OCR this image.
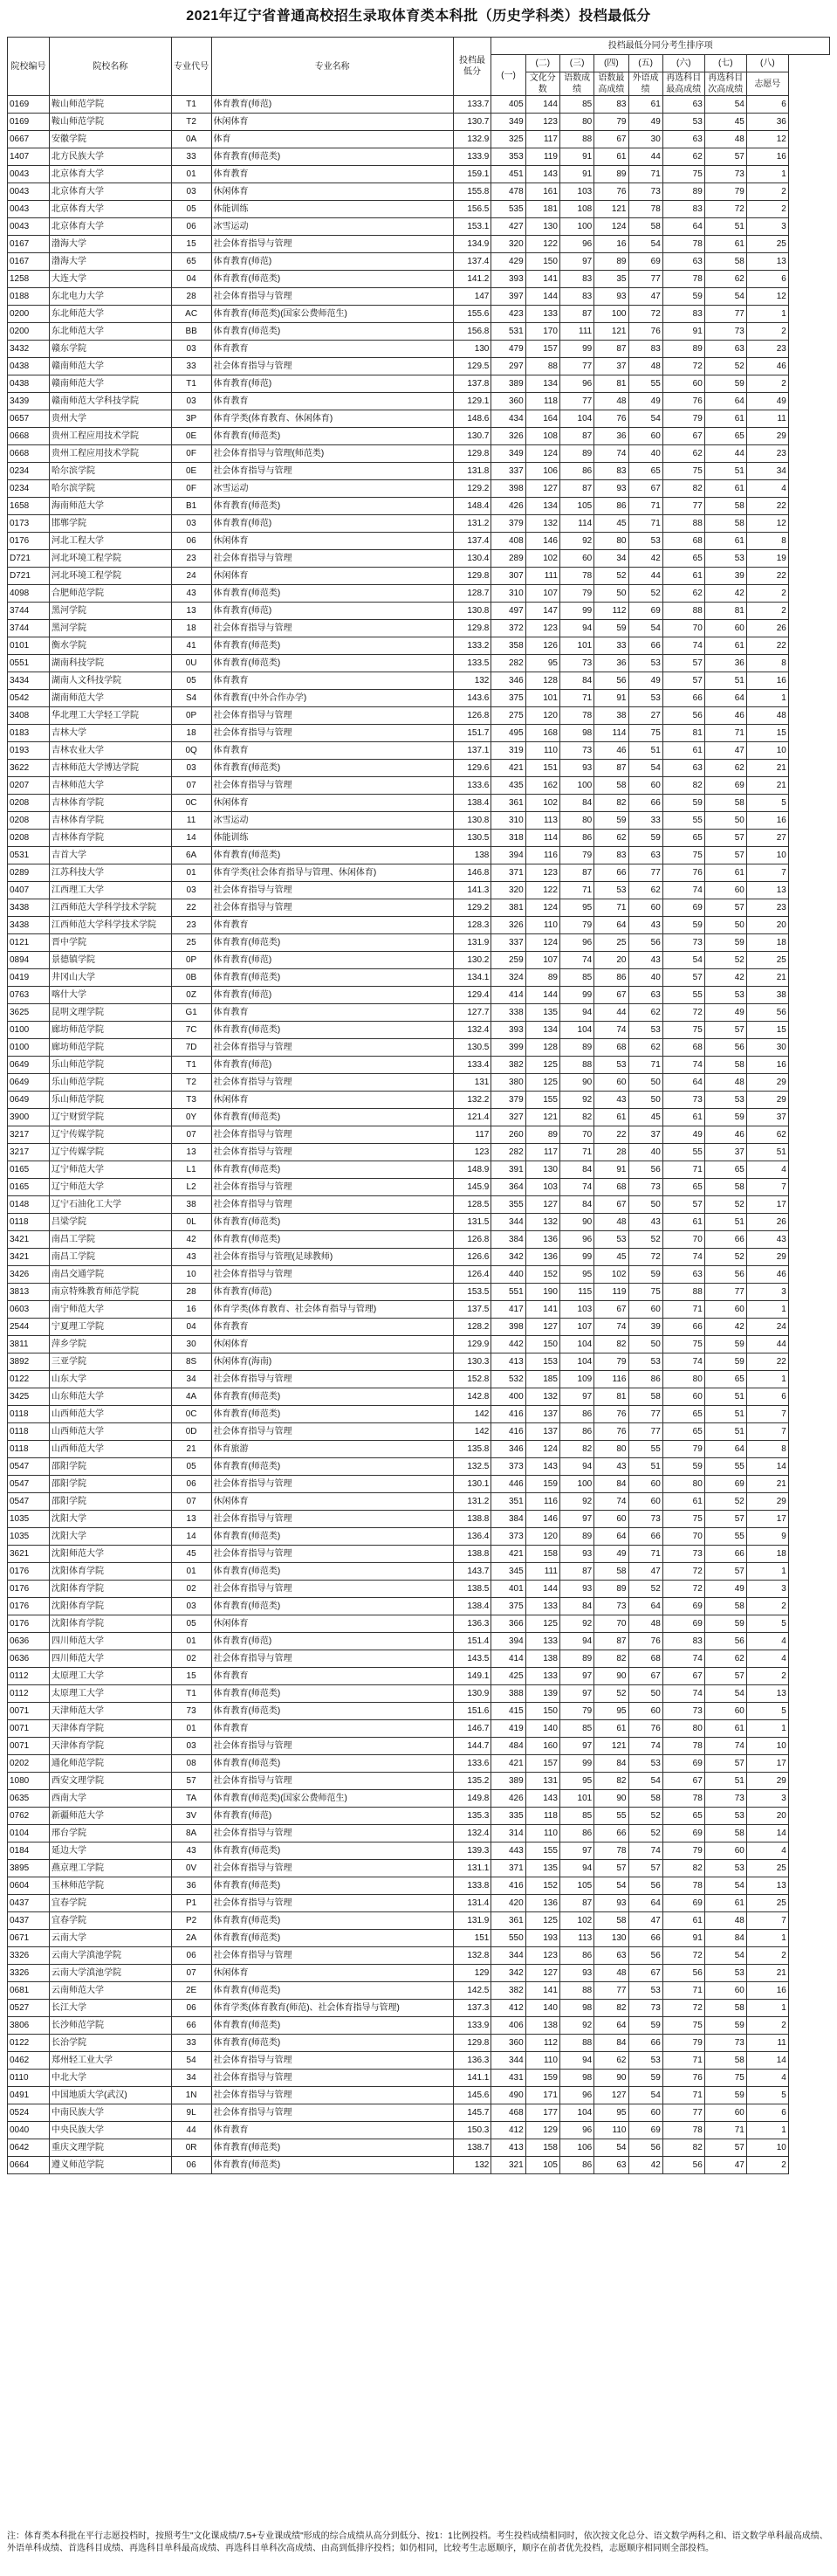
2021年辽宁省普通高校招生录取体育类本科批（历史学科类）投档最低分
院校编号	院校名称	专业代号	专业名称	投档最低分	投档最低分同分考生排序项							
					(一)	(二)	(三)	(四)	(五)	(六)	(七)	(八)
						文化分数	语数成绩	语数最高成绩	外语成绩	再选科目最高成绩	再选科目次高成绩	志愿号
0169	鞍山师范学院	T1	体育教育(师范)	133.7	405	144	85	83	61	63	54	6
0169	鞍山师范学院	T2	休闲体育	130.7	349	123	80	79	49	53	45	36
0667	安徽学院	0A	体育	132.9	325	117	88	67	30	63	48	12
1407	北方民族大学	33	体育教育(师范类)	133.9	353	119	91	61	44	62	57	16
0043	北京体育大学	01	体育教育	159.1	451	143	91	89	71	75	73	1
0043	北京体育大学	03	休闲体育	155.8	478	161	103	76	73	89	79	2
0043	北京体育大学	05	体能训练	156.5	535	181	108	121	78	83	72	2
0043	北京体育大学	06	冰雪运动	153.1	427	130	100	124	58	64	51	3
0167	渤海大学	15	社会体育指导与管理	134.9	320	122	96	16	54	78	61	25
0167	渤海大学	65	体育教育(师范)	137.4	429	150	97	89	69	63	58	13
1258	大连大学	04	体育教育(师范类)	141.2	393	141	83	35	77	78	62	6
0188	东北电力大学	28	社会体育指导与管理	147	397	144	83	93	47	59	54	12
0200	东北师范大学	AC	体育教育(师范类)(国家公费师范生)	155.6	423	133	87	100	72	83	77	1
0200	东北师范大学	BB	体育教育(师范类)	156.8	531	170	111	121	76	91	73	2
3432	赣东学院	03	体育教育	130	479	157	99	87	83	89	63	23
0438	赣南师范大学	33	社会体育指导与管理	129.5	297	88	77	37	48	72	52	46
0438	赣南师范大学	T1	体育教育(师范)	137.8	389	134	96	81	55	60	59	2
3439	赣南师范大学科技学院	03	体育教育	129.1	360	118	77	48	49	76	64	49
0657	贵州大学	3P	体育学类(体育教育、休闲体育)	148.6	434	164	104	76	54	79	61	11
0668	贵州工程应用技术学院	0E	体育教育(师范类)	130.7	326	108	87	36	60	67	65	29
0668	贵州工程应用技术学院	0F	社会体育指导与管理(师范类)	129.8	349	124	89	74	40	62	44	23
0234	哈尔滨学院	0E	社会体育指导与管理	131.8	337	106	86	83	65	75	51	34
0234	哈尔滨学院	0F	冰雪运动	129.2	398	127	87	93	67	82	61	4
1658	海南师范大学	B1	体育教育(师范类)	148.4	426	134	105	86	71	77	58	22
0173	邯郸学院	03	体育教育(师范)	131.2	379	132	114	45	71	88	58	12
0176	河北工程大学	06	休闲体育	137.4	408	146	92	80	53	68	61	8
D721	河北环境工程学院	23	社会体育指导与管理	130.4	289	102	60	34	42	65	53	19
D721	河北环境工程学院	24	休闲体育	129.8	307	111	78	52	44	61	39	22
4098	合肥师范学院	43	体育教育(师范类)	128.7	310	107	79	50	52	62	42	2
3744	黑河学院	13	体育教育(师范)	130.8	497	147	99	112	69	88	81	2
3744	黑河学院	18	社会体育指导与管理	129.8	372	123	94	59	54	70	60	26
0101	衡水学院	41	体育教育(师范类)	133.2	358	126	101	33	66	74	61	22
0551	湖南科技学院	0U	体育教育(师范类)	133.5	282	95	73	36	53	57	36	8
3434	湖南人文科技学院	05	体育教育	132	346	128	84	56	49	57	51	16
0542	湖南师范大学	S4	体育教育(中外合作办学)	143.6	375	101	71	91	53	66	64	1
3408	华北理工大学轻工学院	0P	社会体育指导与管理	126.8	275	120	78	38	27	56	46	48
0183	吉林大学	18	社会体育指导与管理	151.7	495	168	98	114	75	81	71	15
0193	吉林农业大学	0Q	体育教育	137.1	319	110	73	46	51	61	47	10
3622	吉林师范大学博达学院	03	体育教育(师范类)	129.6	421	151	93	87	54	63	62	21
0207	吉林师范大学	07	社会体育指导与管理	133.6	435	162	100	58	60	82	69	21
0208	吉林体育学院	0C	休闲体育	138.4	361	102	84	82	66	59	58	5
0208	吉林体育学院	11	冰雪运动	130.8	310	113	80	59	33	55	50	16
0208	吉林体育学院	14	体能训练	130.5	318	114	86	62	59	65	57	27
0531	吉首大学	6A	体育教育(师范类)	138	394	116	79	83	63	75	57	10
0289	江苏科技大学	01	体育学类(社会体育指导与管理、休闲体育)	146.8	371	123	87	66	77	76	61	7
0407	江西理工大学	03	社会体育指导与管理	141.3	320	122	71	53	62	74	60	13
3438	江西师范大学科学技术学院	22	社会体育指导与管理	129.2	381	124	95	71	60	69	57	23
3438	江西师范大学科学技术学院	23	体育教育	128.3	326	110	79	64	43	59	50	20
0121	晋中学院	25	体育教育(师范类)	131.9	337	124	96	25	56	73	59	18
0894	景德镇学院	0P	体育教育(师范)	130.2	259	107	74	20	43	54	52	25
0419	井冈山大学	0B	体育教育(师范类)	134.1	324	89	85	86	40	57	42	21
0763	喀什大学	0Z	体育教育(师范)	129.4	414	144	99	67	63	55	53	38
3625	昆明文理学院	G1	体育教育	127.7	338	135	94	44	62	72	49	56
0100	廊坊师范学院	7C	体育教育(师范类)	132.4	393	134	104	74	53	75	57	15
0100	廊坊师范学院	7D	社会体育指导与管理	130.5	399	128	89	68	62	68	56	30
0649	乐山师范学院	T1	体育教育(师范)	133.4	382	125	88	53	71	74	58	16
0649	乐山师范学院	T2	社会体育指导与管理	131	380	125	90	60	50	64	48	29
0649	乐山师范学院	T3	休闲体育	132.2	379	155	92	43	50	73	53	29
3900	辽宁财贸学院	0Y	体育教育(师范类)	121.4	327	121	82	61	45	61	59	37
3217	辽宁传媒学院	07	社会体育指导与管理	117	260	89	70	22	37	49	46	62
3217	辽宁传媒学院	13	社会体育指导与管理	123	282	117	71	28	40	55	37	51
0165	辽宁师范大学	L1	体育教育(师范类)	148.9	391	130	84	91	56	71	65	4
0165	辽宁师范大学	L2	社会体育指导与管理	145.9	364	103	74	68	73	65	58	7
0148	辽宁石油化工大学	38	社会体育指导与管理	128.5	355	127	84	67	50	57	52	17
0118	吕梁学院	0L	体育教育(师范类)	131.5	344	132	90	48	43	61	51	26
3421	南昌工学院	42	体育教育(师范类)	126.8	384	136	96	53	52	70	66	43
3421	南昌工学院	43	社会体育指导与管理(足球教师)	126.6	342	136	99	45	72	74	52	29
3426	南昌交通学院	10	社会体育指导与管理	126.4	440	152	95	102	59	63	56	46
3813	南京特殊教育师范学院	28	体育教育(师范)	153.5	551	190	115	119	75	88	77	3
0603	南宁师范大学	16	体育学类(体育教育、社会体育指导与管理)	137.5	417	141	103	67	60	71	60	1
2544	宁夏理工学院	04	体育教育	128.2	398	127	107	74	39	66	42	24
3811	萍乡学院	30	休闲体育	129.9	442	150	104	82	50	75	59	44
3892	三亚学院	8S	休闲体育(海南)	130.3	413	153	104	79	53	74	59	22
0122	山东大学	34	社会体育指导与管理	152.8	532	185	109	116	86	80	65	1
3425	山东师范大学	4A	体育教育(师范类)	142.8	400	132	97	81	58	60	51	6
0118	山西师范大学	0C	体育教育(师范类)	142	416	137	86	76	77	65	51	7
0118	山西师范大学	0D	社会体育指导与管理	142	416	137	86	76	77	65	51	7
0118	山西师范大学	21	体育旅游	135.8	346	124	82	80	55	79	64	8
0547	邵阳学院	05	体育教育(师范类)	132.5	373	143	94	43	51	59	55	14
0547	邵阳学院	06	社会体育指导与管理	130.1	446	159	100	84	60	80	69	21
0547	邵阳学院	07	休闲体育	131.2	351	116	92	74	60	61	52	29
1035	沈阳大学	13	社会体育指导与管理	138.8	384	146	97	60	73	75	57	17
1035	沈阳大学	14	体育教育(师范类)	136.4	373	120	89	64	66	70	55	9
3621	沈阳师范大学	45	社会体育指导与管理	138.8	421	158	93	49	71	73	66	18
0176	沈阳体育学院	01	体育教育(师范类)	143.7	345	111	87	58	47	72	57	1
0176	沈阳体育学院	02	社会体育指导与管理	138.5	401	144	93	89	52	72	49	3
0176	沈阳体育学院	03	体育教育(师范类)	138.4	375	133	84	73	64	69	58	2
0176	沈阳体育学院	05	休闲体育	136.3	366	125	92	70	48	69	59	5
0636	四川师范大学	01	体育教育(师范)	151.4	394	133	94	87	76	83	56	4
0636	四川师范大学	02	社会体育指导与管理	143.5	414	138	89	82	68	74	62	4
0112	太原理工大学	15	体育教育	149.1	425	133	97	90	67	67	57	2
0112	太原理工大学	T1	体育教育(师范类)	130.9	388	139	97	52	50	74	54	13
0071	天津师范大学	73	体育教育(师范类)	151.6	415	150	79	95	60	73	60	5
0071	天津体育学院	01	体育教育	146.7	419	140	85	61	76	80	61	1
0071	天津体育学院	03	社会体育指导与管理	144.7	484	160	97	121	74	78	74	10
0202	通化师范学院	08	体育教育(师范类)	133.6	421	157	99	84	53	69	57	17
1080	西安文理学院	57	社会体育指导与管理	135.2	389	131	95	82	54	67	51	29
0635	西南大学	TA	体育教育(师范类)(国家公费师范生)	149.8	426	143	101	90	58	78	73	3
0762	新疆师范大学	3V	体育教育(师范)	135.3	335	118	85	55	52	65	53	20
0104	邢台学院	8A	社会体育指导与管理	132.4	314	110	86	66	52	69	58	14
0184	延边大学	43	体育教育(师范类)	139.3	443	155	97	78	74	79	60	4
3895	燕京理工学院	0V	社会体育指导与管理	131.1	371	135	94	57	57	82	53	25
0604	玉林师范学院	36	体育教育(师范类)	133.8	416	152	105	54	56	78	54	13
0437	宜春学院	P1	社会体育指导与管理	131.4	420	136	87	93	64	69	61	25
0437	宜春学院	P2	体育教育(师范类)	131.9	361	125	102	58	47	61	48	7
0671	云南大学	2A	体育教育(师范类)	151	550	193	113	130	66	91	84	1
3326	云南大学滇池学院	06	社会体育指导与管理	132.8	344	123	86	63	56	72	54	2
3326	云南大学滇池学院	07	休闲体育	129	342	127	93	48	67	56	53	21
0681	云南师范大学	2E	体育教育(师范类)	142.5	382	141	88	77	53	71	60	16
0527	长江大学	06	体育学类(体育教育(师范)、社会体育指导与管理)	137.3	412	140	98	82	73	72	58	1
3806	长沙师范学院	66	体育教育(师范类)	133.9	406	138	92	64	59	75	59	2
0122	长治学院	33	体育教育(师范类)	129.8	360	112	88	84	66	79	73	11
0462	郑州轻工业大学	54	社会体育指导与管理	136.3	344	110	94	62	53	71	58	14
0110	中北大学	34	社会体育指导与管理	141.1	431	159	98	90	59	76	75	4
0491	中国地质大学(武汉)	1N	社会体育指导与管理	145.6	490	171	96	127	54	71	59	5
0524	中南民族大学	9L	社会体育指导与管理	145.7	468	177	104	95	60	77	60	6
0040	中央民族大学	44	体育教育	150.3	412	129	96	110	69	78	71	1
0642	重庆文理学院	0R	体育教育(师范类)	138.7	413	158	106	54	56	82	57	10
0664	遵义师范学院	06	体育教育(师范类)	132	321	105	86	63	42	56	47	2
注：体育类本科批在平行志愿投档时，按照考生"文化课成绩/7.5+专业课成绩"形成的综合成绩从高分到低分、按1：1比例投档。考生投档成绩相同时，依次按文化总分、语文数学两科之和、语文数学单科最高成绩、外语单科成绩、首选科目成绩、再选科目单科最高成绩、再选科目单科次高成绩、由高到低排序投档；如仍相同，比较考生志愿顺序，顺序在前者优先投档，志愿顺序相同则全部投档。
